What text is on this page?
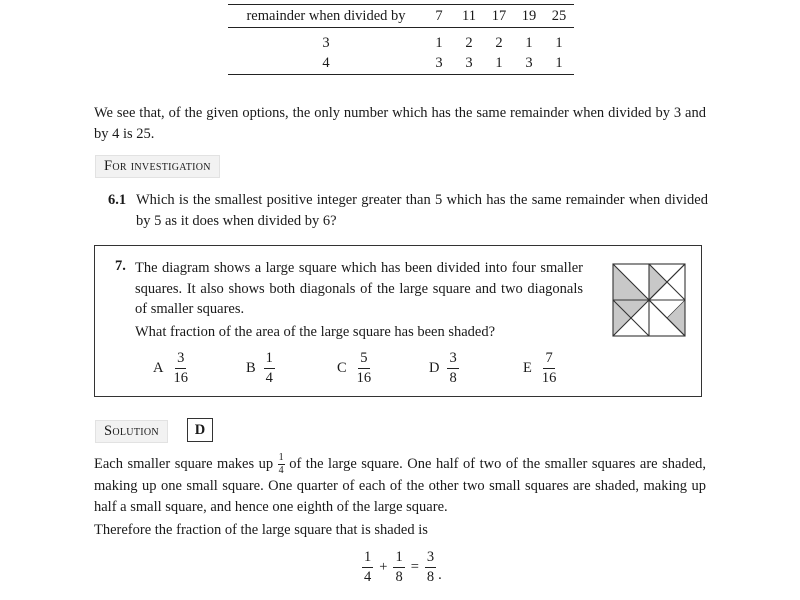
remainder when divided by	7	11	17	19	25
3	1	2	2	1	1
4	3	3	1	3	1

We see that, of the given options, the only number which has the same remainder when divided by 3 and by 4 is 25.

For investigation
6.1 Which is the smallest positive integer greater than 5 which has the same remainder when divided by 5 as it does when divided by 6?
7. The diagram shows a large square which has been divided into four smaller squares. It also shows both diagonals of the large square and two diagonals of smaller squares.

What fraction of the area of the large square has been shaded?

A $\frac{3}{16}$	B $\frac{1}{4}$	C $\frac{5}{16}$	D $\frac{3}{8}$	E $\frac{7}{16}$
Solution	D

Each smaller square makes up $\frac{1}{4}$ of the large square. One half of two of the smaller squares are shaded, making up one small square. One quarter of each of the other two small squares are shaded, making up half a small square, and hence one eighth of the large square.

Therefore the fraction of the large square that is shaded is

$\frac{1}{4} + \frac{1}{8} = \frac{3}{8}$ .
